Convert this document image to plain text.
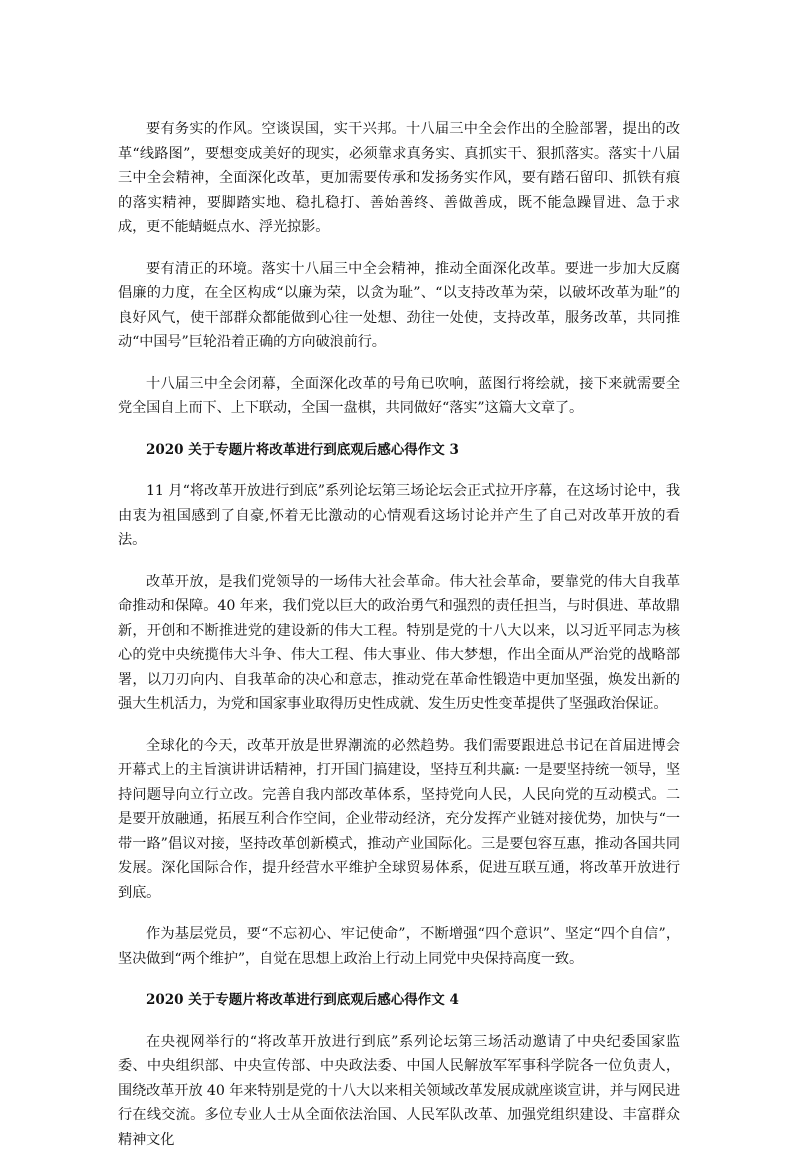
要有务实的作风。空谈误国，实干兴邦。十八届三中全会作出的全脸部署，提出的改革“线路图”，要想变成美好的现实，必须靠求真务实、真抓实干、狠抓落实。落实十八届三中全会精神，全面深化改革，更加需要传承和发扬务实作风，要有踏石留印、抓铁有痕的落实精神，要脚踏实地、稳扎稳打、善始善终、善做善成，既不能急躁冒进、急于求成，更不能蜻蜓点水、浮光掠影。

要有清正的环境。落实十八届三中全会精神，推动全面深化改革。要进一步加大反腐倡廉的力度，在全区构成“以廉为荣，以贪为耻”、“以支持改革为荣，以破坏改革为耻”的良好风气，使干部群众都能做到心往一处想、劲往一处使，支持改革，服务改革，共同推动“中国号”巨轮沿着正确的方向破浪前行。

十八届三中全会闭幕，全面深化改革的号角已吹响，蓝图行将绘就，接下来就需要全党全国自上而下、上下联动，全国一盘棋，共同做好“落实”这篇大文章了。

2020 关于专题片将改革进行到底观后感心得作文 3

11 月“将改革开放进行到底”系列论坛第三场论坛会正式拉开序幕，在这场讨论中，我由衷为祖国感到了自豪,怀着无比激动的心情观看这场讨论并产生了自己对改革开放的看法。

改革开放，是我们党领导的一场伟大社会革命。伟大社会革命，要靠党的伟大自我革命推动和保障。40 年来，我们党以巨大的政治勇气和强烈的责任担当，与时俱进、革故鼎新，开创和不断推进党的建设新的伟大工程。特别是党的十八大以来，以习近平同志为核心的党中央统揽伟大斗争、伟大工程、伟大事业、伟大梦想，作出全面从严治党的战略部署，以刀刃向内、自我革命的决心和意志，推动党在革命性锻造中更加坚强，焕发出新的强大生机活力，为党和国家事业取得历史性成就、发生历史性变革提供了坚强政治保证。

全球化的今天，改革开放是世界潮流的必然趋势。我们需要跟进总书记在首届进博会开幕式上的主旨演讲讲话精神，打开国门搞建设，坚持互利共赢: 一是要坚持统一领导，坚持问题导向立行立改。完善自我内部改革体系，坚持党向人民，人民向党的互动模式。二是要开放融通，拓展互利合作空间，企业带动经济，充分发挥产业链对接优势，加快与“一带一路”倡议对接，坚持改革创新模式，推动产业国际化。三是要包容互惠，推动各国共同发展。深化国际合作，提升经营水平维护全球贸易体系，促进互联互通，将改革开放进行到底。

作为基层党员，要“不忘初心、牢记使命”，不断增强“四个意识”、坚定“四个自信”，坚决做到“两个维护”，自觉在思想上政治上行动上同党中央保持高度一致。

2020 关于专题片将改革进行到底观后感心得作文 4

在央视网举行的“将改革开放进行到底”系列论坛第三场活动邀请了中央纪委国家监委、中央组织部、中央宣传部、中央政法委、中国人民解放军军事科学院各一位负责人，围绕改革开放 40 年来特别是党的十八大以来相关领域改革发展成就座谈宣讲，并与网民进行在线交流。多位专业人士从全面依法治国、人民军队改革、加强党组织建设、丰富群众精神文化
